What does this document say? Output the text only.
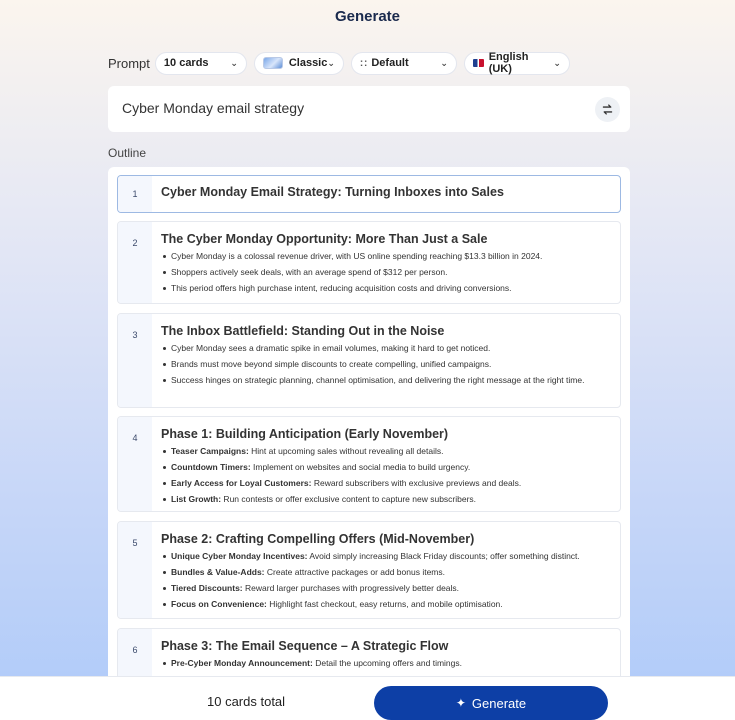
Generate
Prompt 10 cards ⌄	Classic ⌄	: : Default	⌄	English (UK)
⌄
Cyber Monday email strategy
Outline
1	Cyber Monday Email Strategy: Turning Inboxes into Sales
2	The Cyber Monday Opportunity: More Than Just a Sale
Cyber Monday is a colossal revenue driver, with US online spending reaching $13.3 billion in 2024.
Shoppers actively seek deals, with an average spend of $312 per person.
This period offers high purchase intent, reducing acquisition costs and driving conversions.
3	The Inbox Battlefield: Standing Out in the Noise
Cyber Monday sees a dramatic spike in email volumes, making it hard to get noticed.
Brands must move beyond simple discounts to create compelling, unified campaigns.
Success hinges on strategic planning, channel optimisation, and delivering the right message at the right time.
4	Phase 1: Building Anticipation (Early November)
Teaser Campaigns: Hint at upcoming sales without revealing all details.
Countdown Timers: Implement on websites and social media to build urgency.
Early Access for Loyal Customers: Reward subscribers with exclusive previews and deals.
List Growth: Run contests or offer exclusive content to capture new subscribers.
5	Phase 2: Crafting Compelling Offers (Mid-November)
Unique Cyber Monday Incentives: Avoid simply increasing Black Friday discounts; offer something distinct.
Bundles & Value-Adds: Create attractive packages or add bonus items.
Tiered Discounts: Reward larger purchases with progressively better deals.
Focus on Convenience: Highlight fast checkout, easy returns, and mobile optimisation.
6	Phase 3: The Email Sequence – A Strategic Flow
Pre-Cyber Monday Announcement: Detail the upcoming offers and timings.
10 cards total	✦ Generate
